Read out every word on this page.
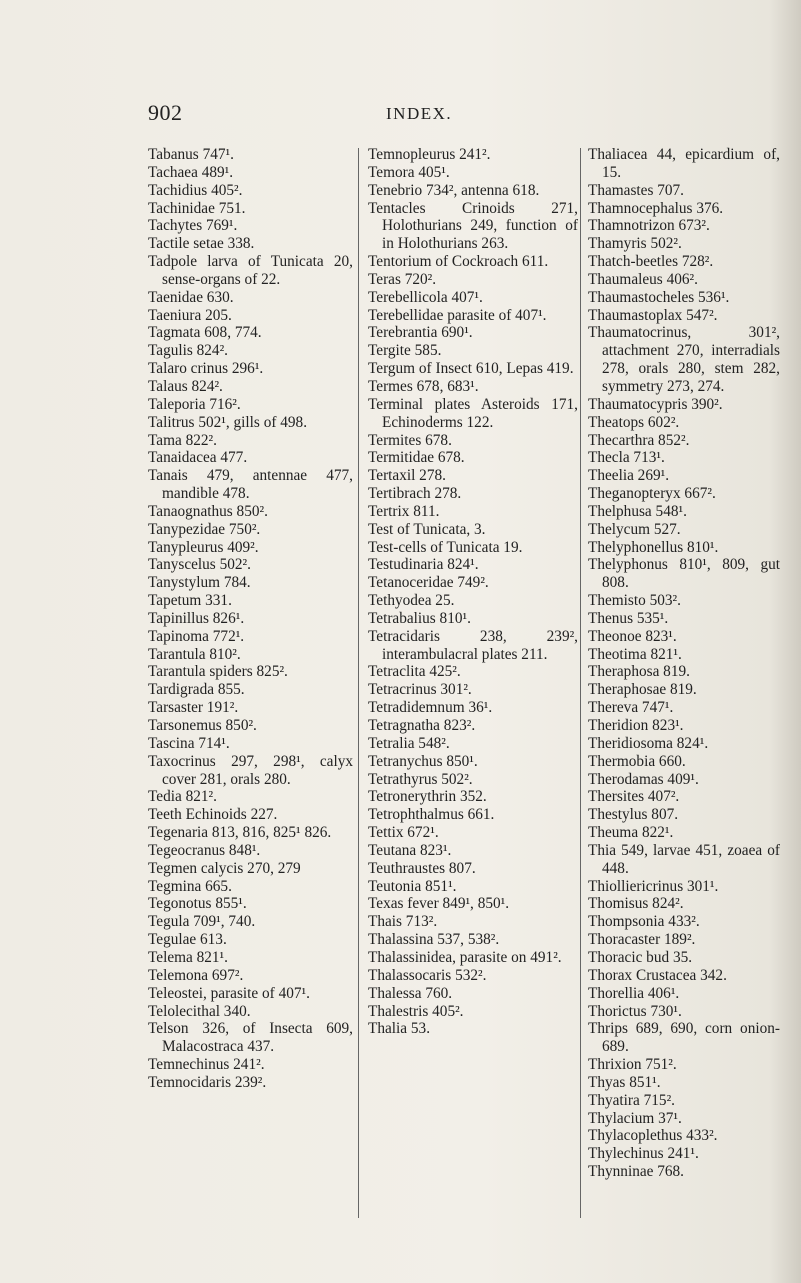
902	INDEX.

Tabanus 747¹.

Tachaea 489¹.

Tachidius 405².

Tachinidae 751.

Tachytes 769¹.

Tactile setae 338.

Tadpole larva of Tunicata 20, sense-organs of 22.

Taenidae 630.

Taeniura 205.

Tagmata 608, 774.

Tagulis 824².

Talaro crinus 296¹.

Talaus 824².

Taleporia 716².

Talitrus 502¹, gills of 498.

Tama 822².

Tanaidacea 477.

Tanais 479, antennae 477, mandible 478.

Tanaognathus 850².

Tanypezidae 750².

Tanypleurus 409².

Tanyscelus 502².

Tanystylum 784.

Tapetum 331.

Tapinillus 826¹.

Tapinoma 772¹.

Tarantula 810².

Tarantula spiders 825².

Tardigrada 855.

Tarsaster 191².

Tarsonemus 850².

Tascina 714¹.

Taxocrinus 297, 298¹, calyx cover 281, orals 280.

Tedia 821².

Teeth Echinoids 227.

Tegenaria 813, 816, 825¹ 826.

Tegeocranus 848¹.

Tegmen calycis 270, 279

Tegmina 665.

Tegonotus 855¹.

Tegula 709¹, 740.

Tegulae 613.

Telema 821¹.

Telemona 697².

Teleostei, parasite of 407¹.

Telolecithal 340.

Telson 326, of Insecta 609, Malacostraca 437.

Temnechinus 241².

Temnocidaris 239².

Temnopleurus 241².

Temora 405¹.

Tenebrio 734², antenna 618.

Tentacles Crinoids 271, Holothurians 249, function of in Holothurians 263.

Tentorium of Cockroach 611.

Teras 720².

Terebellicola 407¹.

Terebellidae parasite of 407¹.

Terebrantia 690¹.

Tergite 585.

Tergum of Insect 610, Lepas 419.

Termes 678, 683¹.

Terminal plates Asteroids 171, Echinoderms 122.

Termites 678.

Termitidae 678.

Tertaxil 278.

Tertibrach 278.

Tertrix 811.

Test of Tunicata, 3.

Test-cells of Tunicata 19.

Testudinaria 824¹.

Tetanoceridae 749².

Tethyodea 25.

Tetrabalius 810¹.

Tetracidaris 238, 239², interambulacral plates 211.

Tetraclita 425².

Tetracrinus 301².

Tetradidemnum 36¹.

Tetragnatha 823².

Tetralia 548².

Tetranychus 850¹.

Tetrathyrus 502².

Tetronerythrin 352.

Tetrophthalmus 661.

Tettix 672¹.

Teutana 823¹.

Teuthraustes 807.

Teutonia 851¹.

Texas fever 849¹, 850¹.

Thais 713².

Thalassina 537, 538².

Thalassinidea, parasite on 491².

Thalassocaris 532².

Thalessa 760.

Thalestris 405².

Thalia 53.

Thaliacea 44, epicardium of, 15.

Thamastes 707.

Thamnocephalus 376.

Thamnotrizon 673².

Thamyris 502².

Thatch-beetles 728².

Thaumaleus 406².

Thaumastocheles 536¹.

Thaumastoplax 547².

Thaumatocrinus, 301², attachment 270, interradials 278, orals 280, stem 282, symmetry 273, 274.

Thaumatocypris 390².

Theatops 602².

Thecarthra 852².

Thecla 713¹.

Theelia 269¹.

Theganopteryx 667².

Thelphusa 548¹.

Thelycum 527.

Thelyphonellus 810¹.

Thelyphonus 810¹, 809, gut 808.

Themisto 503².

Thenus 535¹.

Theonoe 823¹.

Theotima 821¹.

Theraphosa 819.

Theraphosae 819.

Thereva 747¹.

Theridion 823¹.

Theridiosoma 824¹.

Thermobia 660.

Therodamas 409¹.

Thersites 407².

Thestylus 807.

Theuma 822¹.

Thia 549, larvae 451, zoaea of 448.

Thiolliericrinus 301¹.

Thomisus 824².

Thompsonia 433².

Thoracaster 189².

Thoracic bud 35.

Thorax Crustacea 342.

Thorellia 406¹.

Thorictus 730¹.

Thrips 689, 690, corn onion- 689.

Thrixion 751².

Thyas 851¹.

Thyatira 715².

Thylacium 37¹.

Thylacoplethus 433².

Thylechinus 241¹.

Thynninae 768.
